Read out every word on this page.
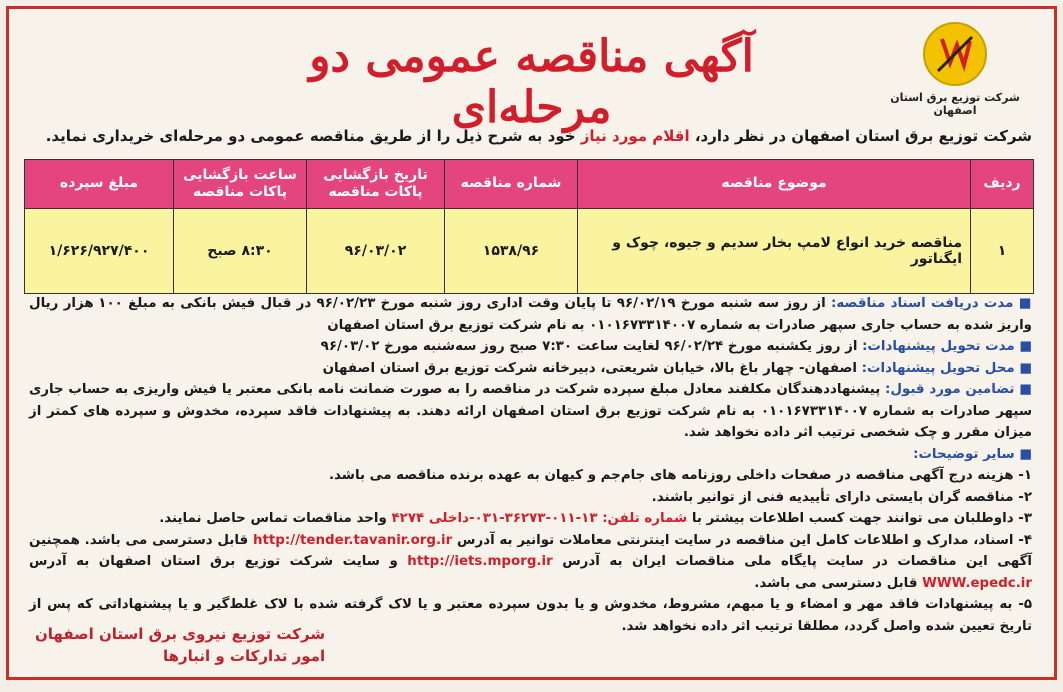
شرکت توزیع برق استان اصفهان
آگهی مناقصه عمومی دو مرحله‌ای
شرکت توزیع برق استان اصفهان در نظر دارد، اقلام مورد نیاز خود به شرح ذیل را از طریق مناقصه عمومی دو مرحله‌ای خریداری نماید.
ردیف	موضوع مناقصه	شماره مناقصه	تاریخ بازگشایی پاکات مناقصه	ساعت بازگشایی پاکات مناقصه	مبلغ سپرده
۱	مناقصه خرید انواع لامپ بخار سدیم و جیوه، چوک و ایگناتور	۱۵۳۸/۹۶	۹۶/۰۳/۰۲	۸:۳۰ صبح	۱/۶۲۶/۹۲۷/۴۰۰

■ مدت دریافت اسناد مناقصه: از روز سه شنبه مورخ ۹۶/۰۲/۱۹ تا پایان وقت اداری روز شنبه مورخ ۹۶/۰۲/۲۳ در قبال فیش بانکی به مبلغ ۱۰۰ هزار ریال واریز شده به حساب جاری سپهر صادرات به شماره ۰۱۰۱۶۷۳۳۱۴۰۰۷ به نام شرکت توزیع برق استان اصفهان

■ مدت تحویل پیشنهادات: از روز یکشنبه مورخ ۹۶/۰۲/۲۴ لغایت ساعت ۷:۳۰ صبح روز سه‌شنبه مورخ ۹۶/۰۳/۰۲

■ محل تحویل پیشنهادات: اصفهان- چهار باغ بالا، خیابان شریعتی، دبیرخانه شرکت توزیع برق استان اصفهان

■ تضامین مورد قبول: پیشنهاددهندگان مکلفند معادل مبلغ سپرده شرکت در مناقصه را به صورت ضمانت نامه بانکی معتبر یا فیش واریزی به حساب جاری سپهر صادرات به شماره ۰۱۰۱۶۷۳۳۱۴۰۰۷ به نام شرکت توزیع برق استان اصفهان ارائه دهند. به پیشنهادات فاقد سپرده، مخدوش و سپرده های کمتر از میزان مقرر و چک شخصی ترتیب اثر داده نخواهد شد.

■ سایر توضیحات:

۱- هزینه درج آگهی مناقصه در صفحات داخلی روزنامه های جام‌جم و کیهان به عهده برنده مناقصه می باشد.

۲- مناقصه گران بایستی دارای تأییدیه فنی از توانیر باشند.

۳- داوطلبان می توانند جهت کسب اطلاعات بیشتر با شماره تلفن: ۱۳-۰۱۱-۳۶۲۷۳-۰۳۱-داخلی ۴۲۷۴ واحد مناقصات تماس حاصل نمایند.

۴- اسناد، مدارک و اطلاعات کامل این مناقصه در سایت اینترنتی معاملات توانیر به آدرس http://tender.tavanir.org.ir قابل دسترسی می باشد. همچنین آگهی این مناقصات در سایت پایگاه ملی مناقصات ایران به آدرس http://iets.mporg.ir و سایت شرکت توزیع برق استان اصفهان به آدرس WWW.epedc.ir قابل دسترسی می باشد.

۵- به پیشنهادات فاقد مهر و امضاء و یا مبهم، مشروط، مخدوش و یا بدون سپرده معتبر و یا لاک گرفته شده با لاک غلط‌گیر و یا پیشنهاداتی که پس از تاریخ تعیین شده واصل گردد، مطلقا ترتیب اثر داده نخواهد شد.

شرکت توزیع نیروی برق استان اصفهان
امور تدارکات و انبارها
